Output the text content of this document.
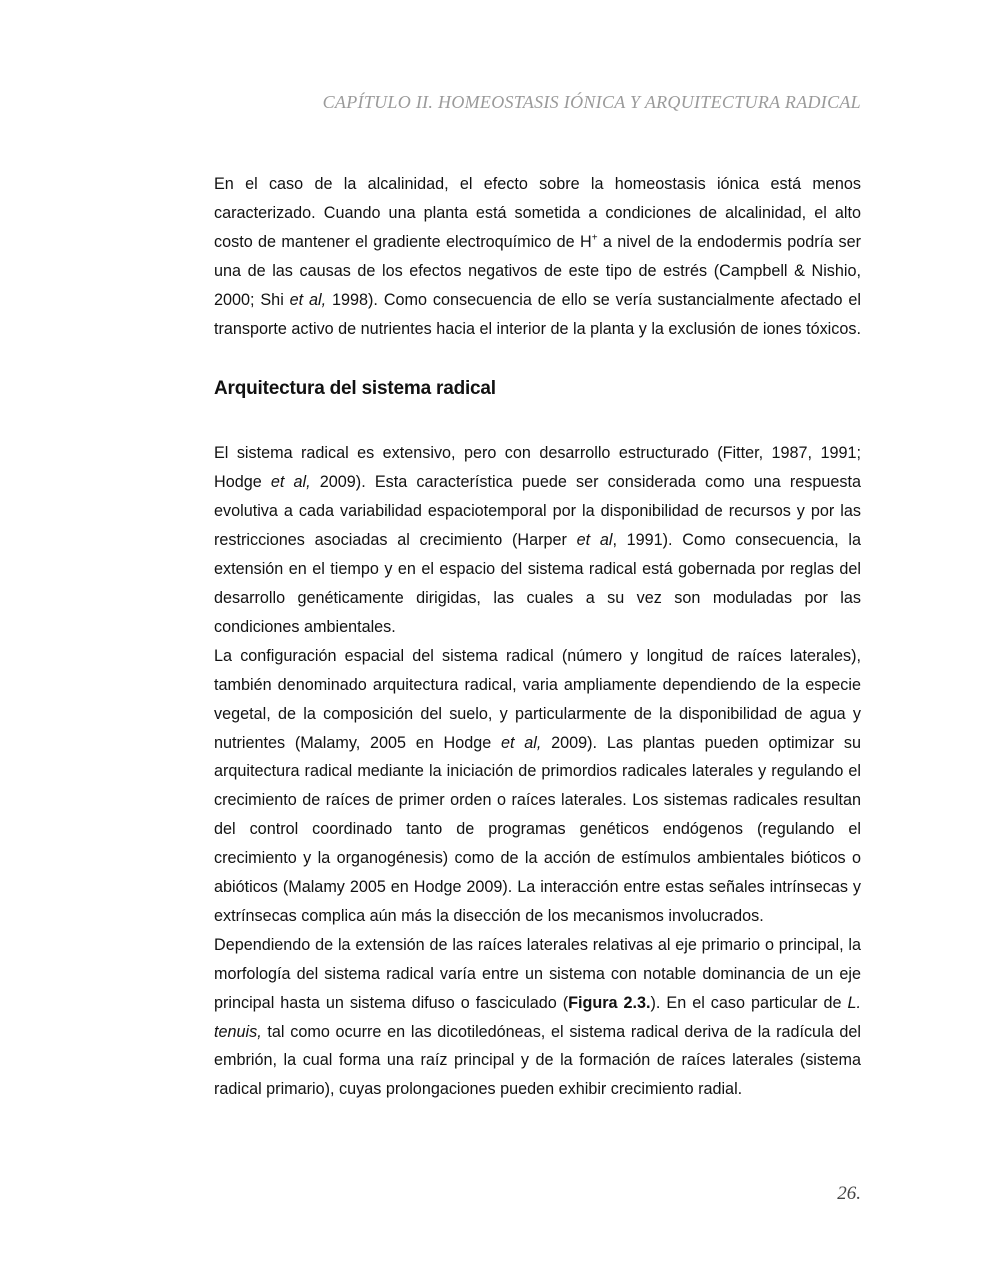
CAPÍTULO II. HOMEOSTASIS IÓNICA Y ARQUITECTURA RADICAL

En el caso de la alcalinidad, el efecto sobre la homeostasis iónica está menos caracterizado. Cuando una planta está sometida a condiciones de alcalinidad, el alto costo de mantener el gradiente electroquímico de H+ a nivel de la endodermis podría ser una de las causas de los efectos negativos de este tipo de estrés (Campbell & Nishio, 2000; Shi et al, 1998). Como consecuencia de ello se vería sustancialmente afectado el transporte activo de nutrientes hacia el interior de la planta y la exclusión de iones tóxicos.

Arquitectura del sistema radical

El sistema radical es extensivo, pero con desarrollo estructurado (Fitter, 1987, 1991; Hodge et al, 2009). Esta característica puede ser considerada como una respuesta evolutiva a cada variabilidad espaciotemporal por la disponibilidad de recursos y por las restricciones asociadas al crecimiento (Harper et al, 1991). Como consecuencia, la extensión en el tiempo y en el espacio del sistema radical está gobernada por reglas del desarrollo genéticamente dirigidas, las cuales a su vez son moduladas por las condiciones ambientales.

La configuración espacial del sistema radical (número y longitud de raíces laterales), también denominado arquitectura radical, varia ampliamente dependiendo de la especie vegetal, de la composición del suelo, y particularmente de la disponibilidad de agua y nutrientes (Malamy, 2005 en Hodge et al, 2009). Las plantas pueden optimizar su arquitectura radical mediante la iniciación de primordios radicales laterales y regulando el crecimiento de raíces de primer orden o raíces laterales. Los sistemas radicales resultan del control coordinado tanto de programas genéticos endógenos (regulando el crecimiento y la organogénesis) como de la acción de estímulos ambientales bióticos o abióticos (Malamy 2005 en Hodge 2009). La interacción entre estas señales intrínsecas y extrínsecas complica aún más la disección de los mecanismos involucrados.

Dependiendo de la extensión de las raíces laterales relativas al eje primario o principal, la morfología del sistema radical varía entre un sistema con notable dominancia de un eje principal hasta un sistema difuso o fasciculado (Figura 2.3.). En el caso particular de L. tenuis, tal como ocurre en las dicotiledóneas, el sistema radical deriva de la radícula del embrión, la cual forma una raíz principal y de la formación de raíces laterales (sistema radical primario), cuyas prolongaciones pueden exhibir crecimiento radial.

26.
